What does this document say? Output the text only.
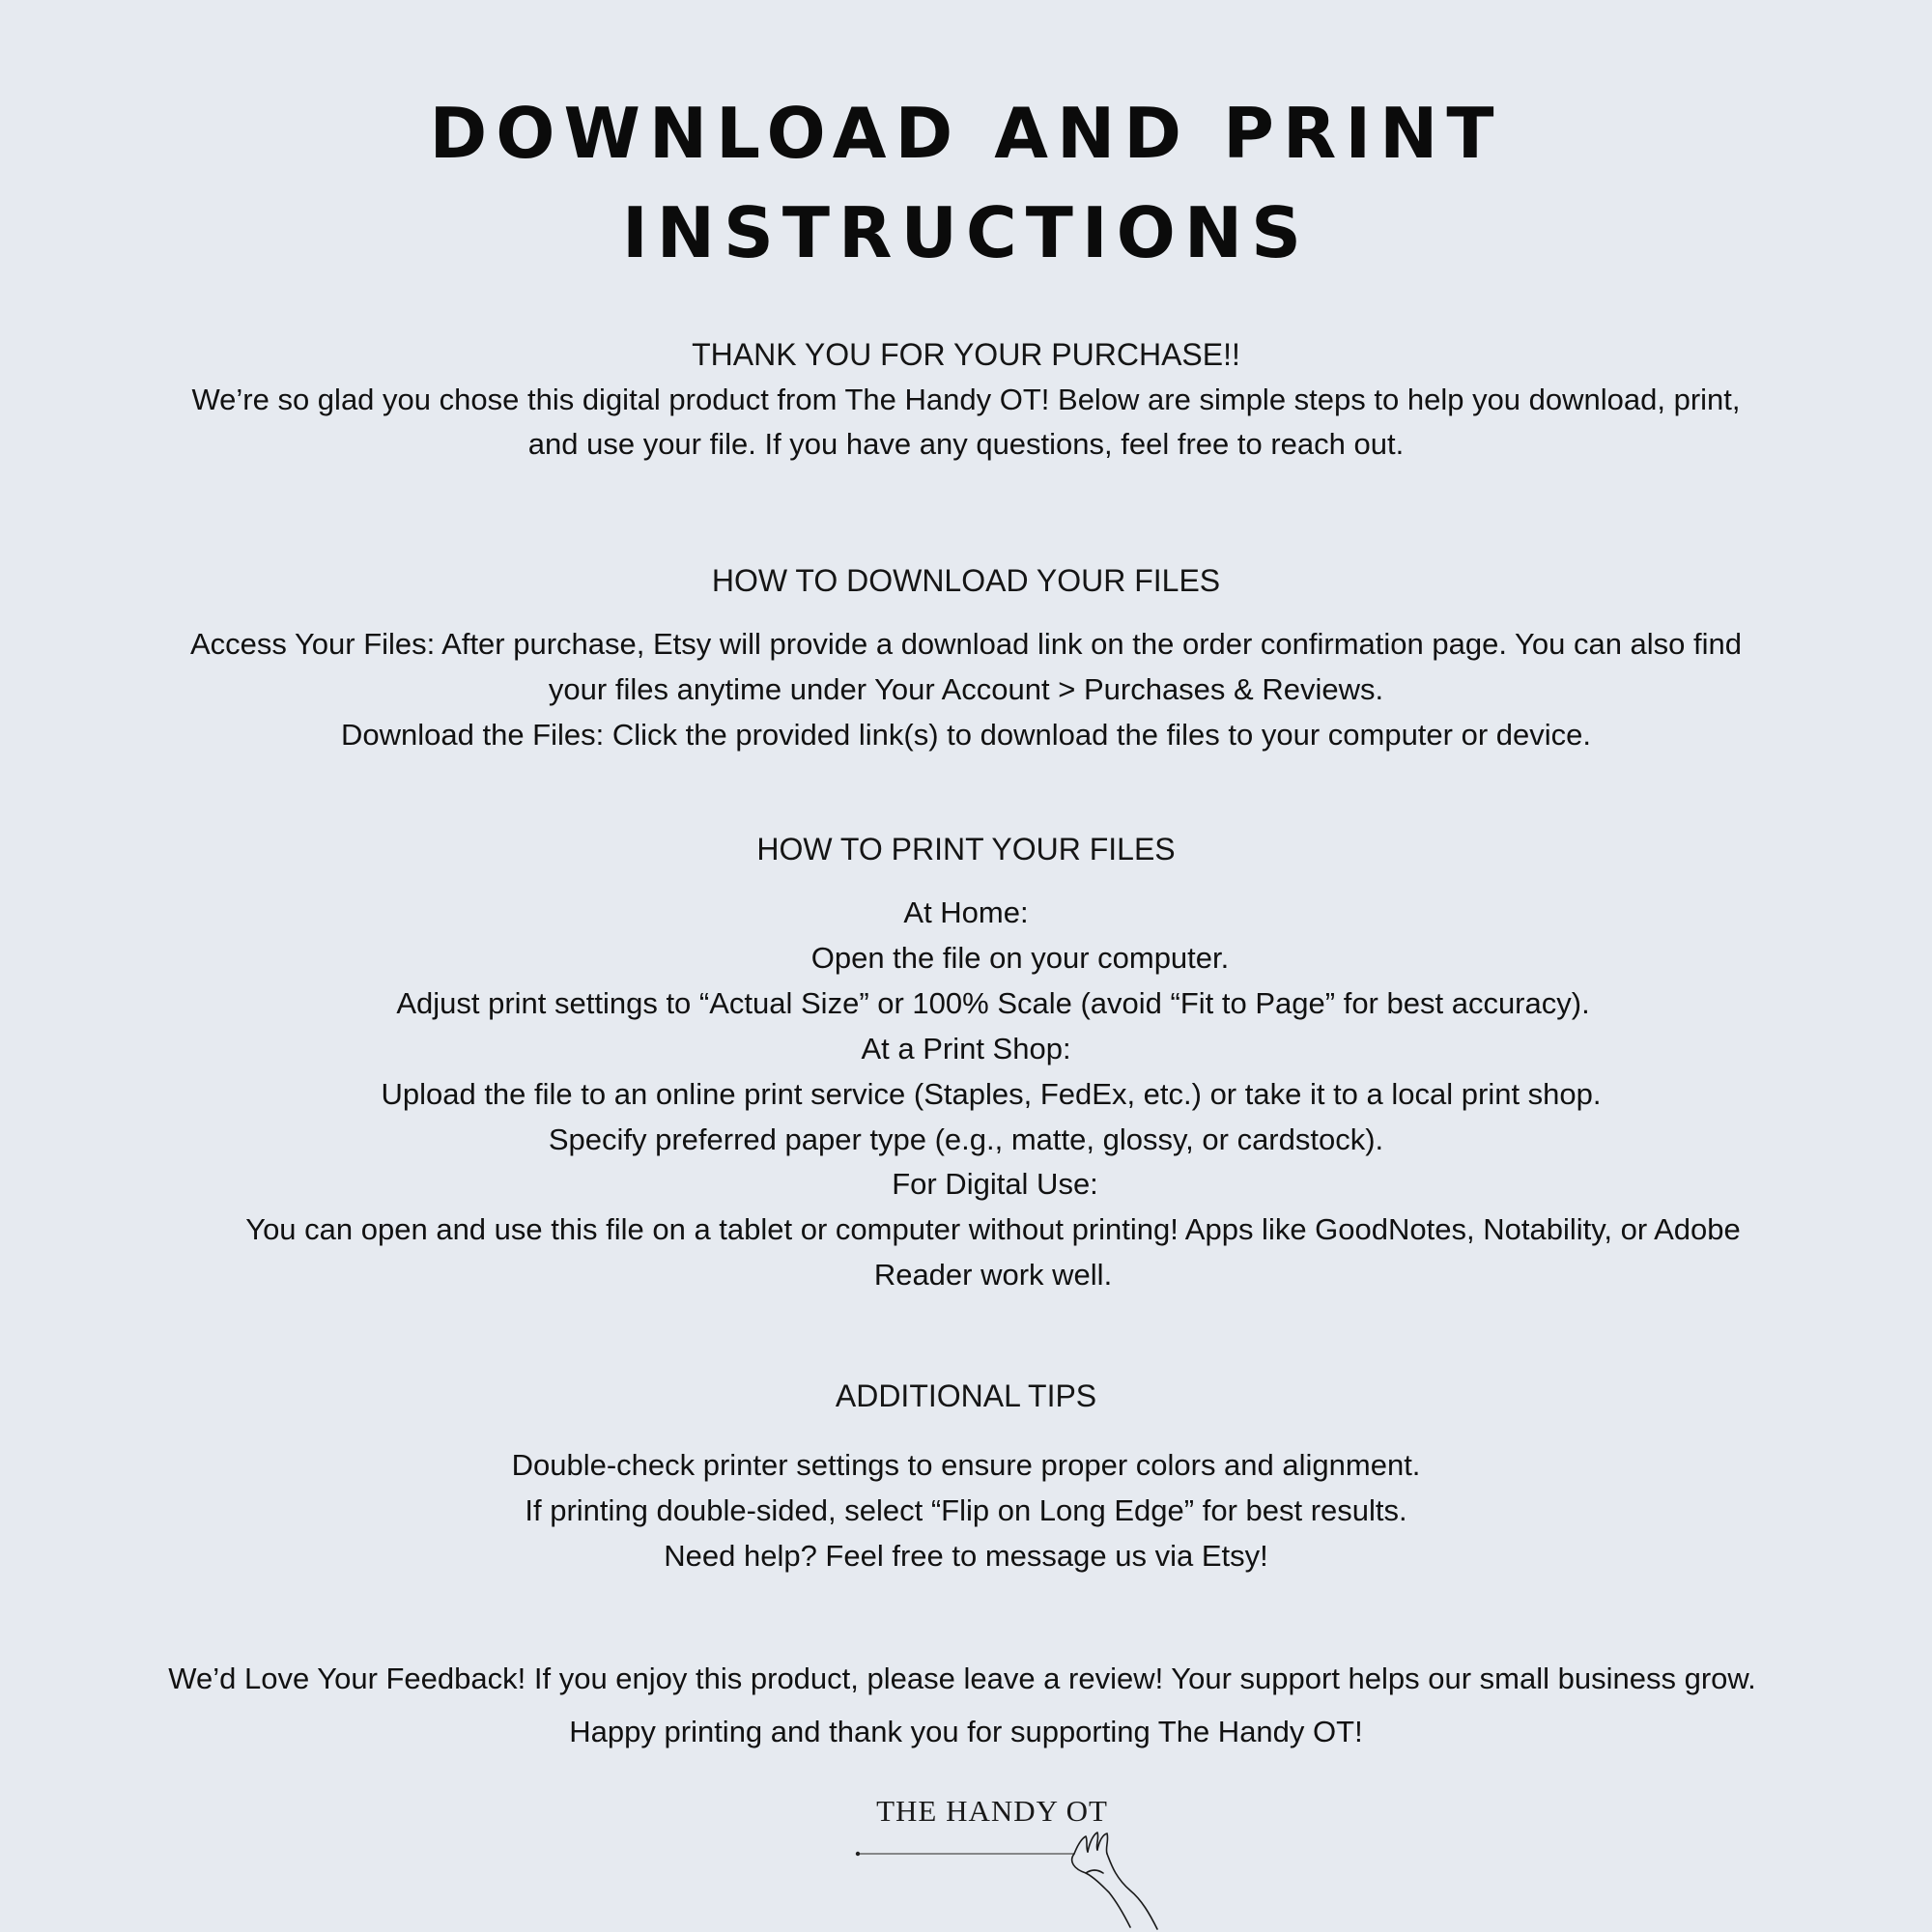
DOWNLOAD AND PRINT
INSTRUCTIONS

THANK YOU FOR YOUR PURCHASE!!

We’re so glad you chose this digital product from The Handy OT! Below are simple steps to help you download, print,

and use your file. If you have any questions, feel free to reach out.

HOW TO DOWNLOAD YOUR FILES

Access Your Files: After purchase, Etsy will provide a download link on the order confirmation page. You can also find

your files anytime under Your Account > Purchases & Reviews.

Download the Files: Click the provided link(s) to download the files to your computer or device.

HOW TO PRINT YOUR FILES

At Home:

Open the file on your computer.

Adjust print settings to “Actual Size” or 100% Scale (avoid “Fit to Page” for best accuracy).

At a Print Shop:

Upload the file to an online print service (Staples, FedEx, etc.) or take it to a local print shop.

Specify preferred paper type (e.g., matte, glossy, or cardstock).

For Digital Use:

You can open and use this file on a tablet or computer without printing! Apps like GoodNotes, Notability, or Adobe

Reader work well.

ADDITIONAL TIPS

Double-check printer settings to ensure proper colors and alignment.

If printing double-sided, select “Flip on Long Edge” for best results.

Need help? Feel free to message us via Etsy!

We’d Love Your Feedback! If you enjoy this product, please leave a review! Your support helps our small business grow.

Happy printing and thank you for supporting The Handy OT!

THE HANDY OT
